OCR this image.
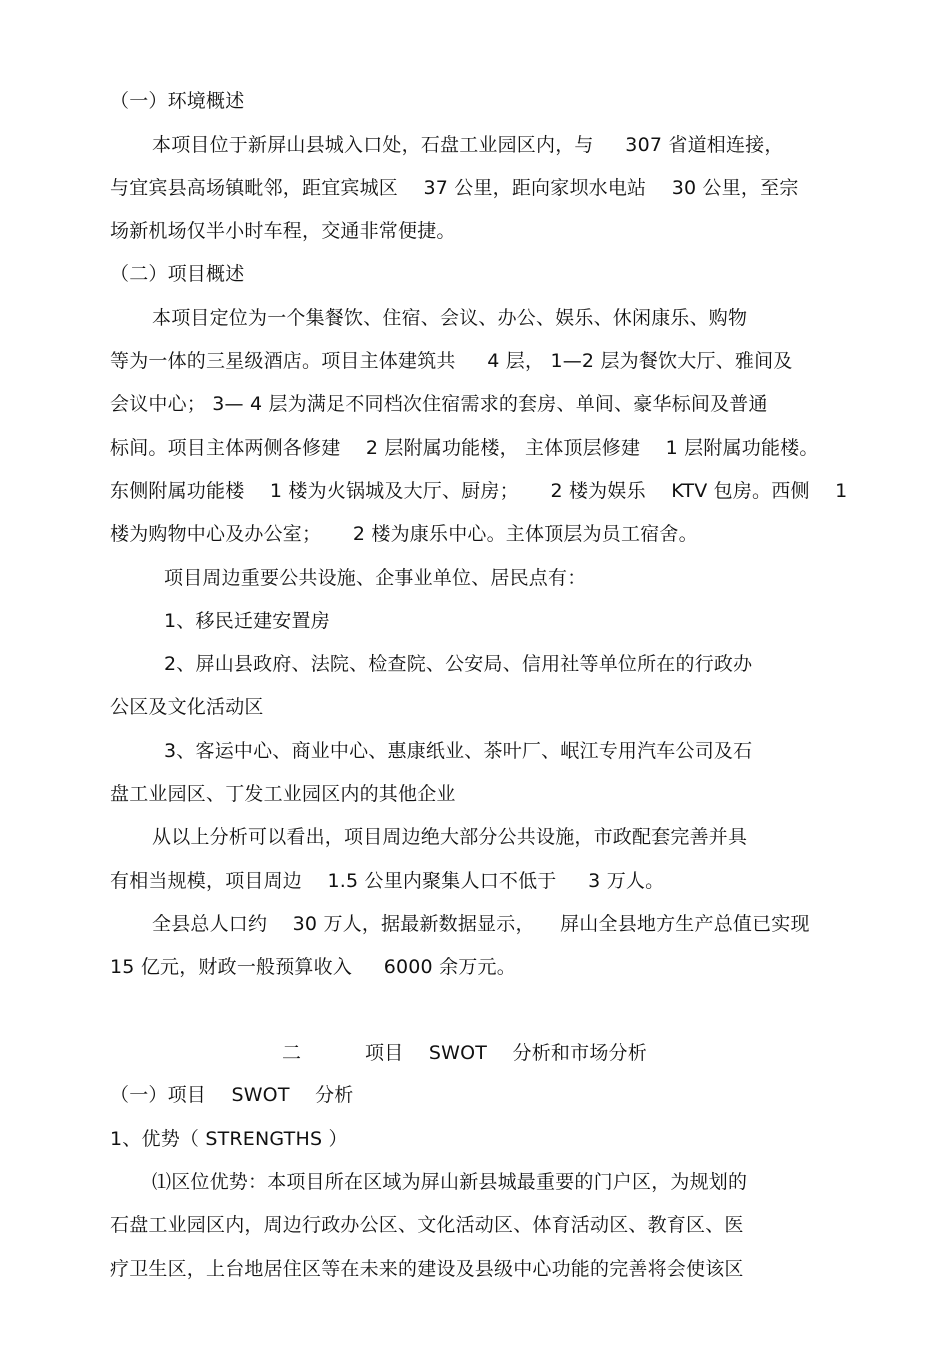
（一）环境概述
本项目位于新屏山县城入口处，石盘工业园区内，与 　 307 省道相连接，
与宜宾县高场镇毗邻，距宜宾城区 　37 公里，距向家坝水电站 　30 公里，至宗
场新机场仅半小时车程，交通非常便捷。
（二）项目概述
本项目定位为一个集餐饮、住宿、会议、办公、娱乐、休闲康乐、购物
等为一体的三星级酒店。项目主体建筑共 　 4 层， 1—2 层为餐饮大厅、雅间及
会议中心； 3— 4 层为满足不同档次住宿需求的套房、单间、豪华标间及普通
标间。项目主体两侧各修建 　2 层附属功能楼， 主体顶层修建 　1 层附属功能楼。
东侧附属功能楼 　1 楼为火锅城及大厅、厨房； 　 2 楼为娱乐 　KTV 包房。西侧 　1
楼为购物中心及办公室； 　 2 楼为康乐中心。主体顶层为员工宿舍。
项目周边重要公共设施、企事业单位、居民点有：
1、移民迁建安置房
2、屏山县政府、法院、检查院、公安局、信用社等单位所在的行政办
公区及文化活动区
3、客运中心、商业中心、惠康纸业、茶叶厂、岷江专用汽车公司及石
盘工业园区、丁发工业园区内的其他企业
从以上分析可以看出，项目周边绝大部分公共设施，市政配套完善并具
有相当规模，项目周边 　1.5 公里内聚集人口不低于 　 3 万人。
全县总人口约 　30 万人，据最新数据显示， 　屏山全县地方生产总值已实现
15 亿元，财政一般预算收入 　 6000 余万元。
二　 　　项目 　SWOT 　分析和市场分析
（一）项目 　SWOT 　分析
1、优势（ STRENGTHS ）
⑴区位优势：本项目所在区域为屏山新县城最重要的门户区，为规划的
石盘工业园区内，周边行政办公区、文化活动区、体育活动区、教育区、医
疗卫生区，上台地居住区等在未来的建设及县级中心功能的完善将会使该区
